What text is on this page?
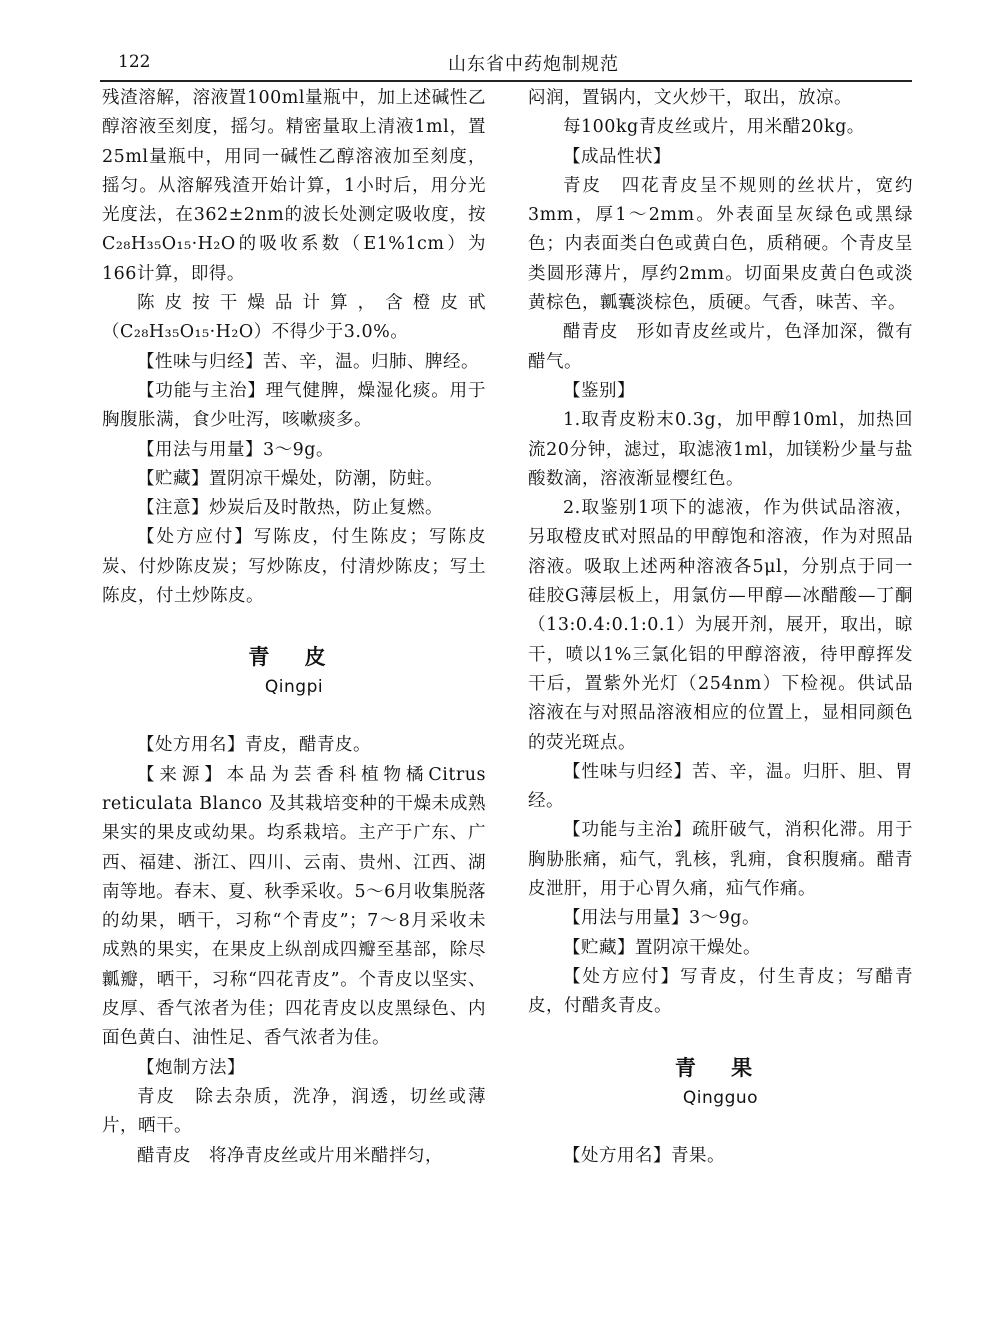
122	山东省中药炮制规范

残渣溶解，溶液置100ml量瓶中，加上述碱性乙醇溶液至刻度，摇匀。精密量取上清液1ml，置25ml量瓶中，用同一碱性乙醇溶液加至刻度，摇匀。从溶解残渣开始计算，1小时后，用分光光度法，在362±2nm的波长处测定吸收度，按C₂₈H₃₅O₁₅·H₂O的吸收系数（E1%1cm）为166计算，即得。

陈皮按干燥品计算，含橙皮甙（C₂₈H₃₅O₁₅·H₂O）不得少于3.0%。

【性味与归经】苦、辛，温。归肺、脾经。

【功能与主治】理气健脾，燥湿化痰。用于胸腹胀满，食少吐泻，咳嗽痰多。

【用法与用量】3～9g。

【贮藏】置阴凉干燥处，防潮，防蛀。

【注意】炒炭后及时散热，防止复燃。

【处方应付】写陈皮，付生陈皮；写陈皮炭、付炒陈皮炭；写炒陈皮，付清炒陈皮；写土陈皮，付土炒陈皮。

青 皮
Qingpi

【处方用名】青皮，醋青皮。

【来源】本品为芸香科植物橘Citrus reticulata Blanco 及其栽培变种的干燥未成熟果实的果皮或幼果。均系栽培。主产于广东、广西、福建、浙江、四川、云南、贵州、江西、湖南等地。春末、夏、秋季采收。5～6月收集脱落的幼果，晒干，习称“个青皮”；7～8月采收未成熟的果实，在果皮上纵剖成四瓣至基部，除尽瓤瓣，晒干，习称“四花青皮”。个青皮以坚实、皮厚、香气浓者为佳；四花青皮以皮黑绿色、内面色黄白、油性足、香气浓者为佳。

【炮制方法】

青皮　除去杂质，洗净，润透，切丝或薄片，晒干。

醋青皮　将净青皮丝或片用米醋拌匀，

闷润，置锅内，文火炒干，取出，放凉。

每100kg青皮丝或片，用米醋20kg。

【成品性状】

青皮　四花青皮呈不规则的丝状片，宽约3mm，厚1～2mm。外表面呈灰绿色或黑绿色；内表面类白色或黄白色，质稍硬。个青皮呈类圆形薄片，厚约2mm。切面果皮黄白色或淡黄棕色，瓤囊淡棕色，质硬。气香，味苦、辛。

醋青皮　形如青皮丝或片，色泽加深，微有醋气。

【鉴别】

1.取青皮粉末0.3g，加甲醇10ml，加热回流20分钟，滤过，取滤液1ml，加镁粉少量与盐酸数滴，溶液渐显樱红色。

2.取鉴别1项下的滤液，作为供试品溶液，另取橙皮甙对照品的甲醇饱和溶液，作为对照品溶液。吸取上述两种溶液各5μl，分别点于同一硅胶G薄层板上，用氯仿—甲醇—冰醋酸—丁酮（13:0.4:0.1:0.1）为展开剂，展开，取出，晾干，喷以1%三氯化铝的甲醇溶液，待甲醇挥发干后，置紫外光灯（254nm）下检视。供试品溶液在与对照品溶液相应的位置上，显相同颜色的荧光斑点。

【性味与归经】苦、辛，温。归肝、胆、胃经。

【功能与主治】疏肝破气，消积化滞。用于胸胁胀痛，疝气，乳核，乳痈，食积腹痛。醋青皮泄肝，用于心胃久痛，疝气作痛。

【用法与用量】3～9g。

【贮藏】置阴凉干燥处。

【处方应付】写青皮，付生青皮；写醋青皮，付醋炙青皮。

青 果
Qingguo

【处方用名】青果。
